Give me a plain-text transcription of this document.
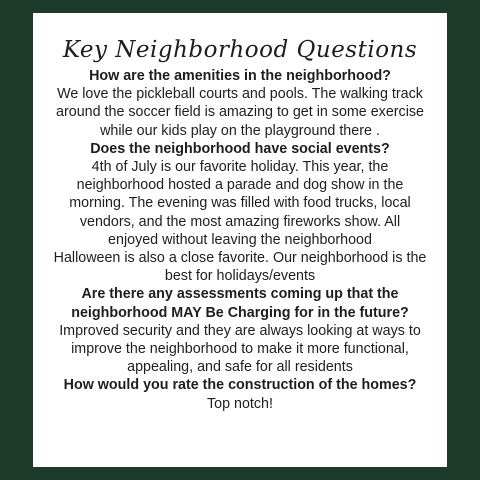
Key Neighborhood Questions
How are the amenities in the neighborhood?
We love the pickleball courts and pools. The walking track
around the soccer field is amazing to get in some exercise
while our kids play on the playground there .
Does the neighborhood have social events?
4th of July is our favorite holiday. This year, the
neighborhood hosted a parade and dog show in the
morning. The evening was filled with food trucks, local
vendors, and the most amazing fireworks show. All
enjoyed without leaving the neighborhood
Halloween is also a close favorite. Our neighborhood is the
best for holidays/events
Are there any assessments coming up that the
neighborhood MAY Be Charging for in the future?
Improved security and they are always looking at ways to
improve the neighborhood to make it more functional,
appealing, and safe for all residents
How would you rate the construction of the homes?
Top notch!
